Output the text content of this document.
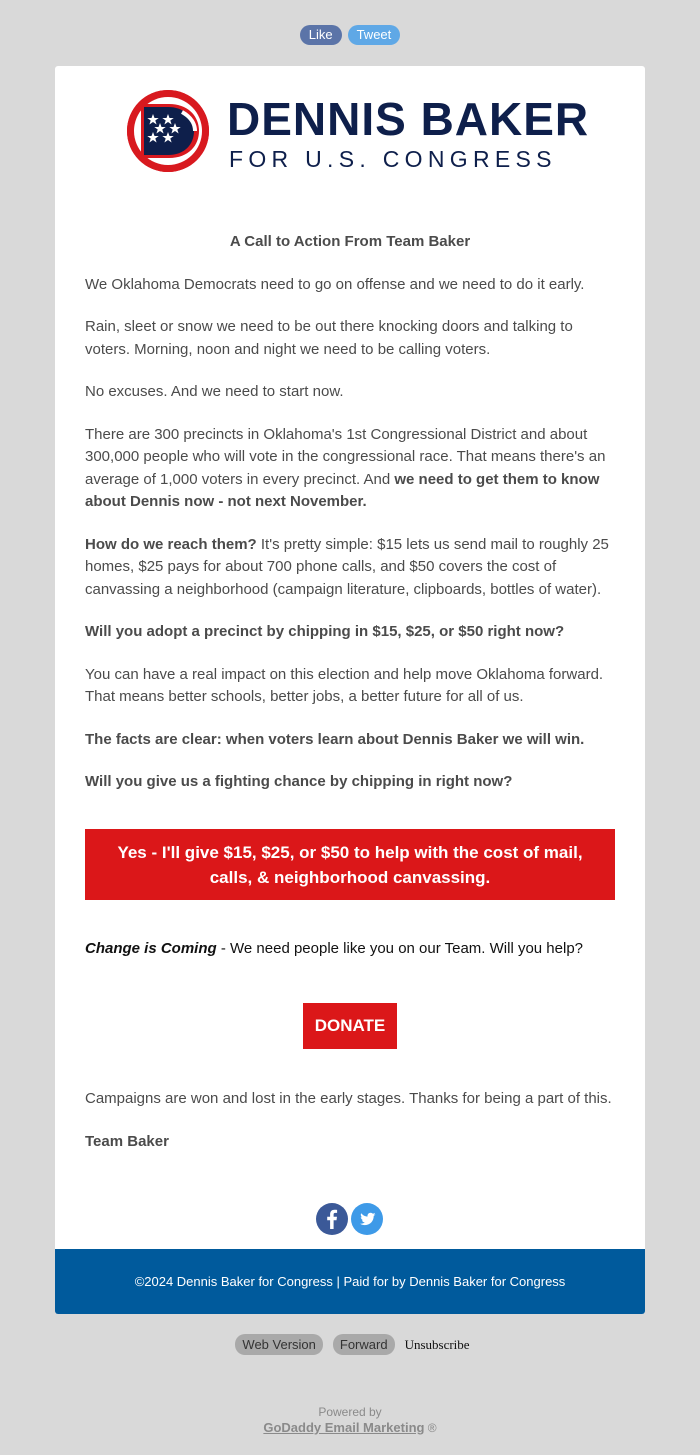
Like Tweet
DENNIS BAKER
FOR U.S. CONGRESS

A Call to Action From Team Baker

We Oklahoma Democrats need to go on offense and we need to do it early.

Rain, sleet or snow we need to be out there knocking doors and talking to voters. Morning, noon and night we need to be calling voters.

No excuses. And we need to start now.

There are 300 precincts in Oklahoma's 1st Congressional District and about 300,000 people who will vote in the congressional race. That means there's an average of 1,000 voters in every precinct. And we need to get them to know about Dennis now - not next November.

How do we reach them? It's pretty simple: $15 lets us send mail to roughly 25 homes, $25 pays for about 700 phone calls, and $50 covers the cost of canvassing a neighborhood (campaign literature, clipboards, bottles of water).

Will you adopt a precinct by chipping in $15, $25, or $50 right now?

You can have a real impact on this election and help move Oklahoma forward. That means better schools, better jobs, a better future for all of us.

The facts are clear: when voters learn about Dennis Baker we will win.

Will you give us a fighting chance by chipping in right now?

Yes - I'll give $15, $25, or $50 to help with the cost of mail, calls, & neighborhood canvassing.
Change is Coming - We need people like you on our Team. Will you help?
DONATE

Campaigns are won and lost in the early stages. Thanks for being a part of this.

Team Baker

©2024 Dennis Baker for Congress | Paid for by Dennis Baker for Congress
Web Version Forward Unsubscribe
Powered by
GoDaddy Email Marketing ®
